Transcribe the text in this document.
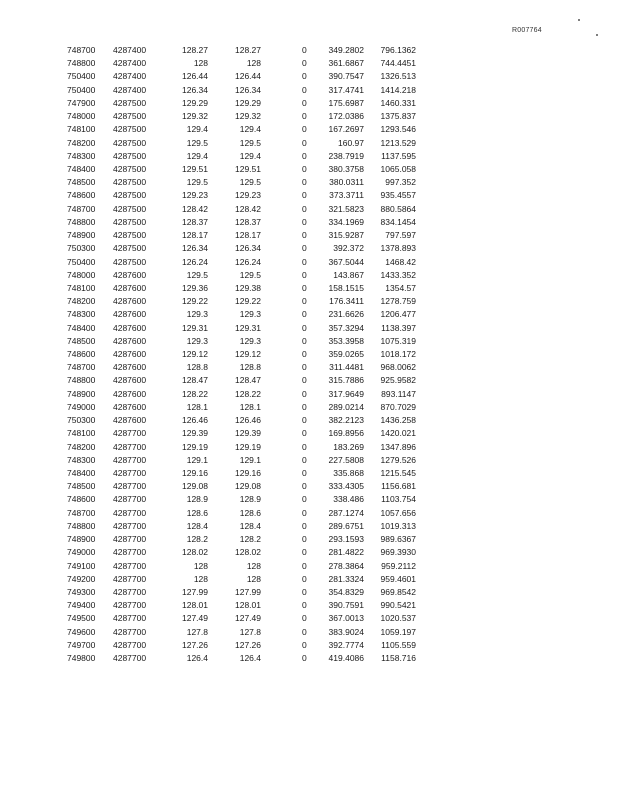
R007764
748700	4287400	128.27	128.27	0	349.2802	796.1362
748800	4287400	128	128	0	361.6867	744.4451
750400	4287400	126.44	126.44	0	390.7547	1326.513
750400	4287400	126.34	126.34	0	317.4741	1414.218
747900	4287500	129.29	129.29	0	175.6987	1460.331
748000	4287500	129.32	129.32	0	172.0386	1375.837
748100	4287500	129.4	129.4	0	167.2697	1293.546
748200	4287500	129.5	129.5	0	160.97	1213.529
748300	4287500	129.4	129.4	0	238.7919	1137.595
748400	4287500	129.51	129.51	0	380.3758	1065.058
748500	4287500	129.5	129.5	0	380.0311	997.352
748600	4287500	129.23	129.23	0	373.3711	935.4557
748700	4287500	128.42	128.42	0	321.5823	880.5864
748800	4287500	128.37	128.37	0	334.1969	834.1454
748900	4287500	128.17	128.17	0	315.9287	797.597
750300	4287500	126.34	126.34	0	392.372	1378.893
750400	4287500	126.24	126.24	0	367.5044	1468.42
748000	4287600	129.5	129.5	0	143.867	1433.352
748100	4287600	129.36	129.38	0	158.1515	1354.57
748200	4287600	129.22	129.22	0	176.3411	1278.759
748300	4287600	129.3	129.3	0	231.6626	1206.477
748400	4287600	129.31	129.31	0	357.3294	1138.397
748500	4287600	129.3	129.3	0	353.3958	1075.319
748600	4287600	129.12	129.12	0	359.0265	1018.172
748700	4287600	128.8	128.8	0	311.4481	968.0062
748800	4287600	128.47	128.47	0	315.7886	925.9582
748900	4287600	128.22	128.22	0	317.9649	893.1147
749000	4287600	128.1	128.1	0	289.0214	870.7029
750300	4287600	126.46	126.46	0	382.2123	1436.258
748100	4287700	129.39	129.39	0	169.8956	1420.021
748200	4287700	129.19	129.19	0	183.269	1347.896
748300	4287700	129.1	129.1	0	227.5808	1279.526
748400	4287700	129.16	129.16	0	335.868	1215.545
748500	4287700	129.08	129.08	0	333.4305	1156.681
748600	4287700	128.9	128.9	0	338.486	1103.754
748700	4287700	128.6	128.6	0	287.1274	1057.656
748800	4287700	128.4	128.4	0	289.6751	1019.313
748900	4287700	128.2	128.2	0	293.1593	989.6367
749000	4287700	128.02	128.02	0	281.4822	969.3930
749100	4287700	128	128	0	278.3864	959.2112
749200	4287700	128	128	0	281.3324	959.4601
749300	4287700	127.99	127.99	0	354.8329	969.8542
749400	4287700	128.01	128.01	0	390.7591	990.5421
749500	4287700	127.49	127.49	0	367.0013	1020.537
749600	4287700	127.8	127.8	0	383.9024	1059.197
749700	4287700	127.26	127.26	0	392.7774	1105.559
749800	4287700	126.4	126.4	0	419.4086	1158.716
